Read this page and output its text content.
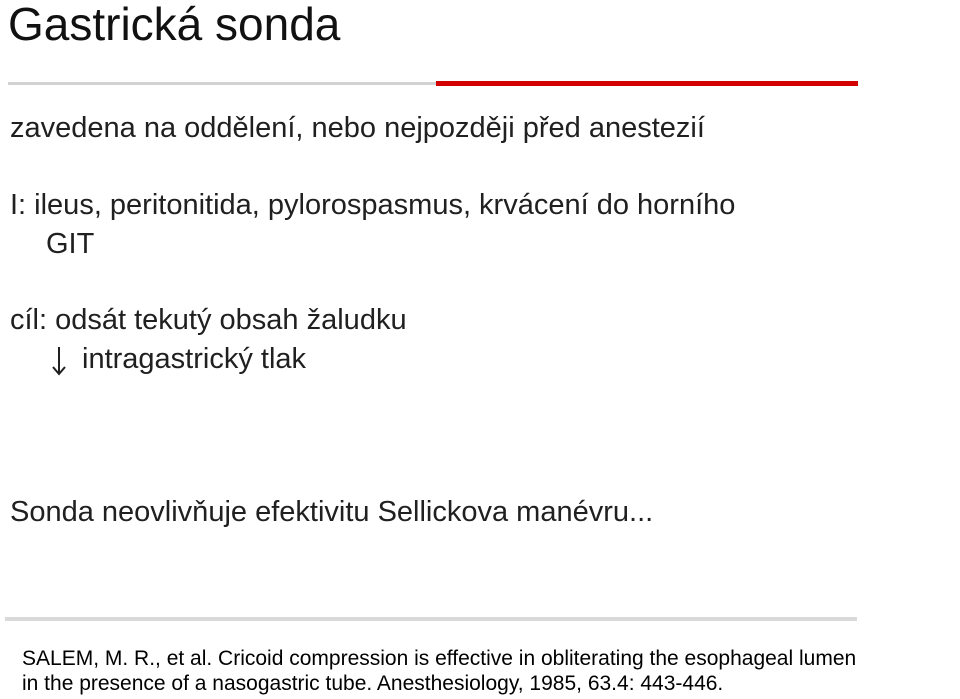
Gastrická sonda
zavedena na oddělení, nebo nejpozději před anestezií
I: ileus, peritonitida, pylorospasmus, krvácení do horního
GIT
cíl: odsát tekutý obsah žaludku
intragastrický tlak
Sonda neovlivňuje efektivitu Sellickova manévru...
SALEM, M. R., et al. Cricoid compression is effective in obliterating the esophageal lumen
in the presence of a nasogastric tube. Anesthesiology, 1985, 63.4: 443-446.
